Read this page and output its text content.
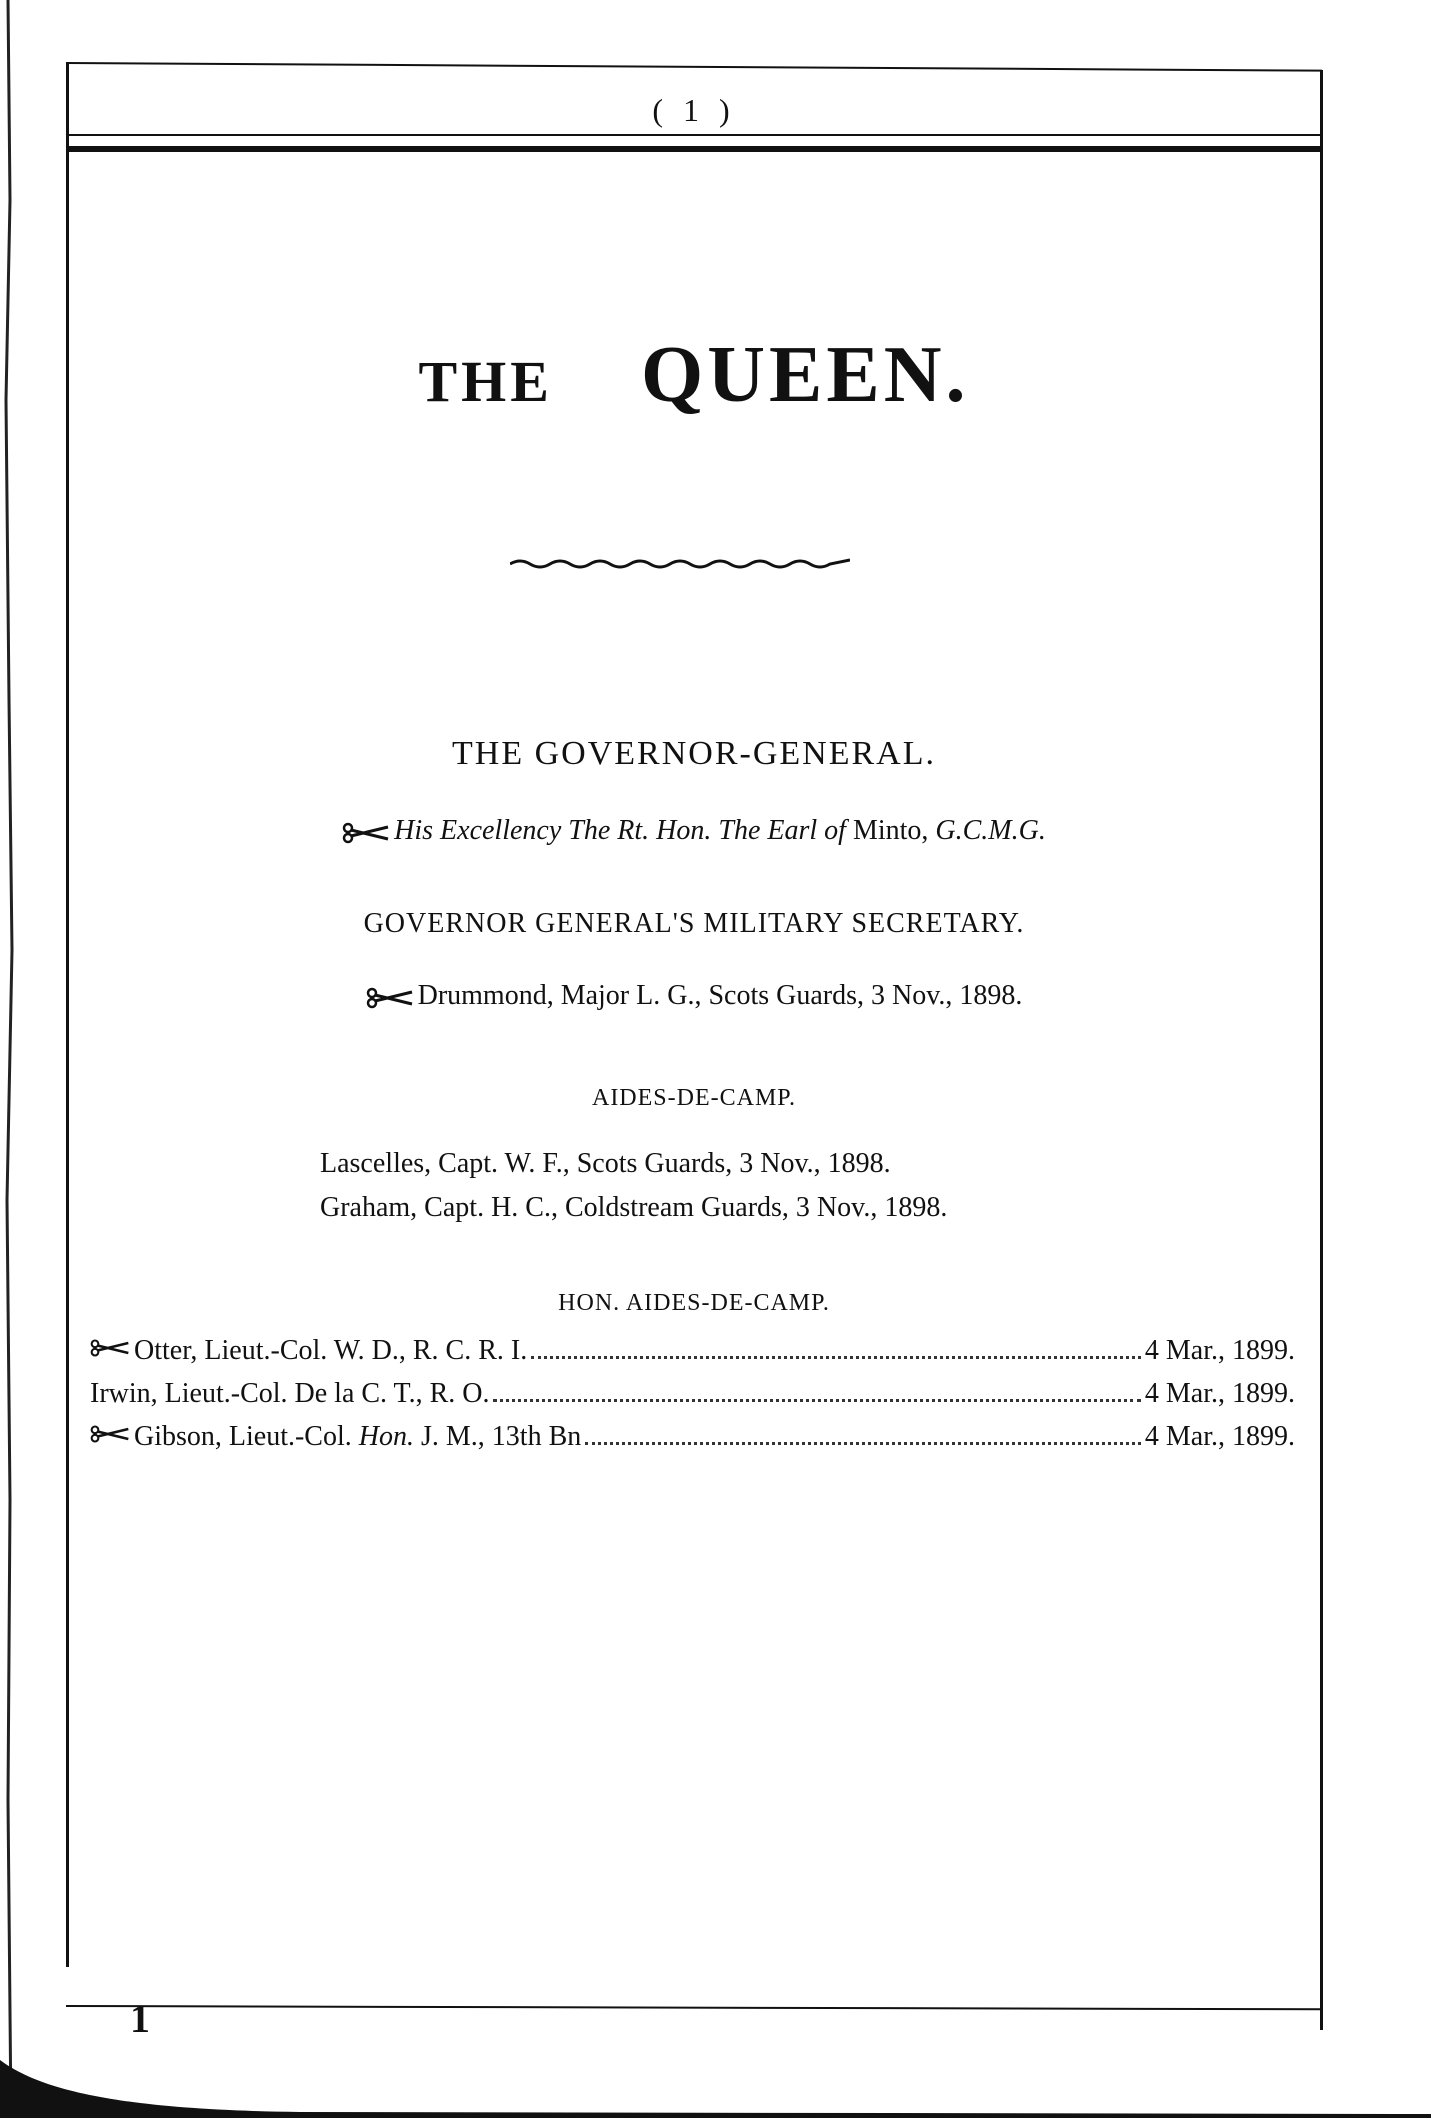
( 1 )
THE QUEEN.
THE GOVERNOR-GENERAL.
His Excellency The Rt. Hon. The Earl of Minto, G.C.M.G.
GOVERNOR GENERAL'S MILITARY SECRETARY.
Drummond, Major L. G., Scots Guards, 3 Nov., 1898.
AIDES-DE-CAMP.
Lascelles, Capt. W. F., Scots Guards, 3 Nov., 1898.
Graham, Capt. H. C., Coldstream Guards, 3 Nov., 1898.
HON. AIDES-DE-CAMP.
Otter, Lieut.-Col. W. D., R. C. R. I.	4 Mar., 1899.
Irwin, Lieut.-Col. De la C. T., R. O.	4 Mar., 1899.
Gibson, Lieut.-Col. Hon. J. M., 13th Bn	4 Mar., 1899.
1
